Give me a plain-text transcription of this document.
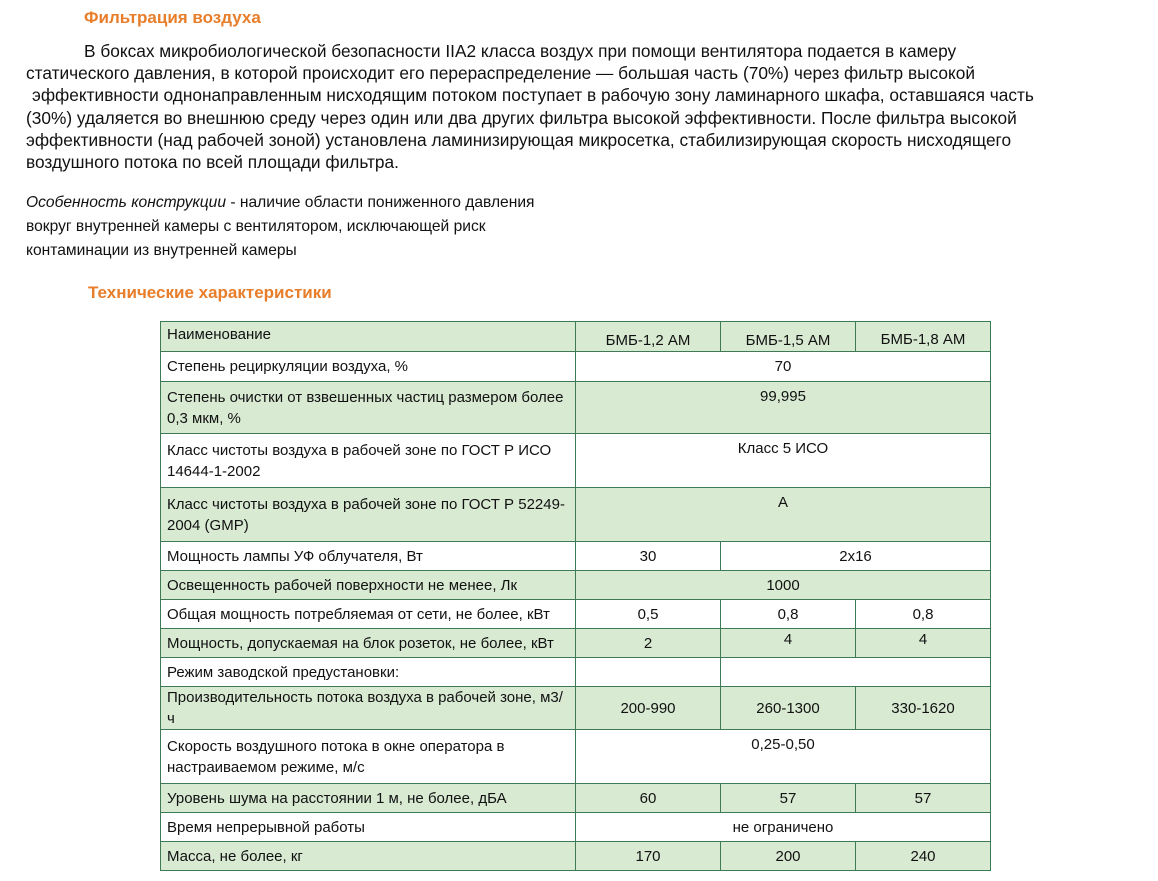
Фильтрация воздуха

В боксах микробиологической безопасности IIA2 класса воздух при помощи вентилятора подается в камеру
статического давления, в которой происходит его перераспределение — большая часть (70%) через фильтр высокой
эффективности однонаправленным нисходящим потоком поступает в рабочую зону ламинарного шкафа, оставшаяся часть
(30%) удаляется во внешнюю среду через один или два других фильтра высокой эффективности. После фильтра высокой
эффективности (над рабочей зоной) установлена ламинизирующая микросетка, стабилизирующая скорость нисходящего
воздушного потока по всей площади фильтра.

Особенность конструкции - наличие области пониженного давления
вокруг внутренней камеры с вентилятором, исключающей риск
контаминации из внутренней камеры

Технические характеристики
Наименование	БМБ-1,2 АМ	БМБ-1,5 АМ	БМБ-1,8 АМ
Степень рециркуляции воздуха, %	70		
Степень очистки от взвешенных частиц размером более 0,3 мкм, %	99,995		
Класс чистоты воздуха в рабочей зоне по ГОСТ Р ИСО 14644-1-2002	Класс 5 ИСО		
Класс чистоты воздуха в рабочей зоне по ГОСТ Р 52249-2004 (GMP)	А		
Мощность лампы УФ облучателя, Вт	30	2х16	
Освещенность рабочей поверхности не менее, Лк	1000		
Общая мощность потребляемая от сети, не более, кВт	0,5	0,8	0,8
Мощность, допускаемая на блок розеток, не более, кВт	2	4	4
Режим заводской предустановки:			
Производительность потока воздуха в рабочей зоне, м3/ч	200-990	260-1300	330-1620
Скорость воздушного потока в окне оператора в настраиваемом режиме, м/с	0,25-0,50		
Уровень шума на расстоянии 1 м, не более, дБА	60	57	57
Время непрерывной работы	не ограничено		
Масса, не более, кг	170	200	240
